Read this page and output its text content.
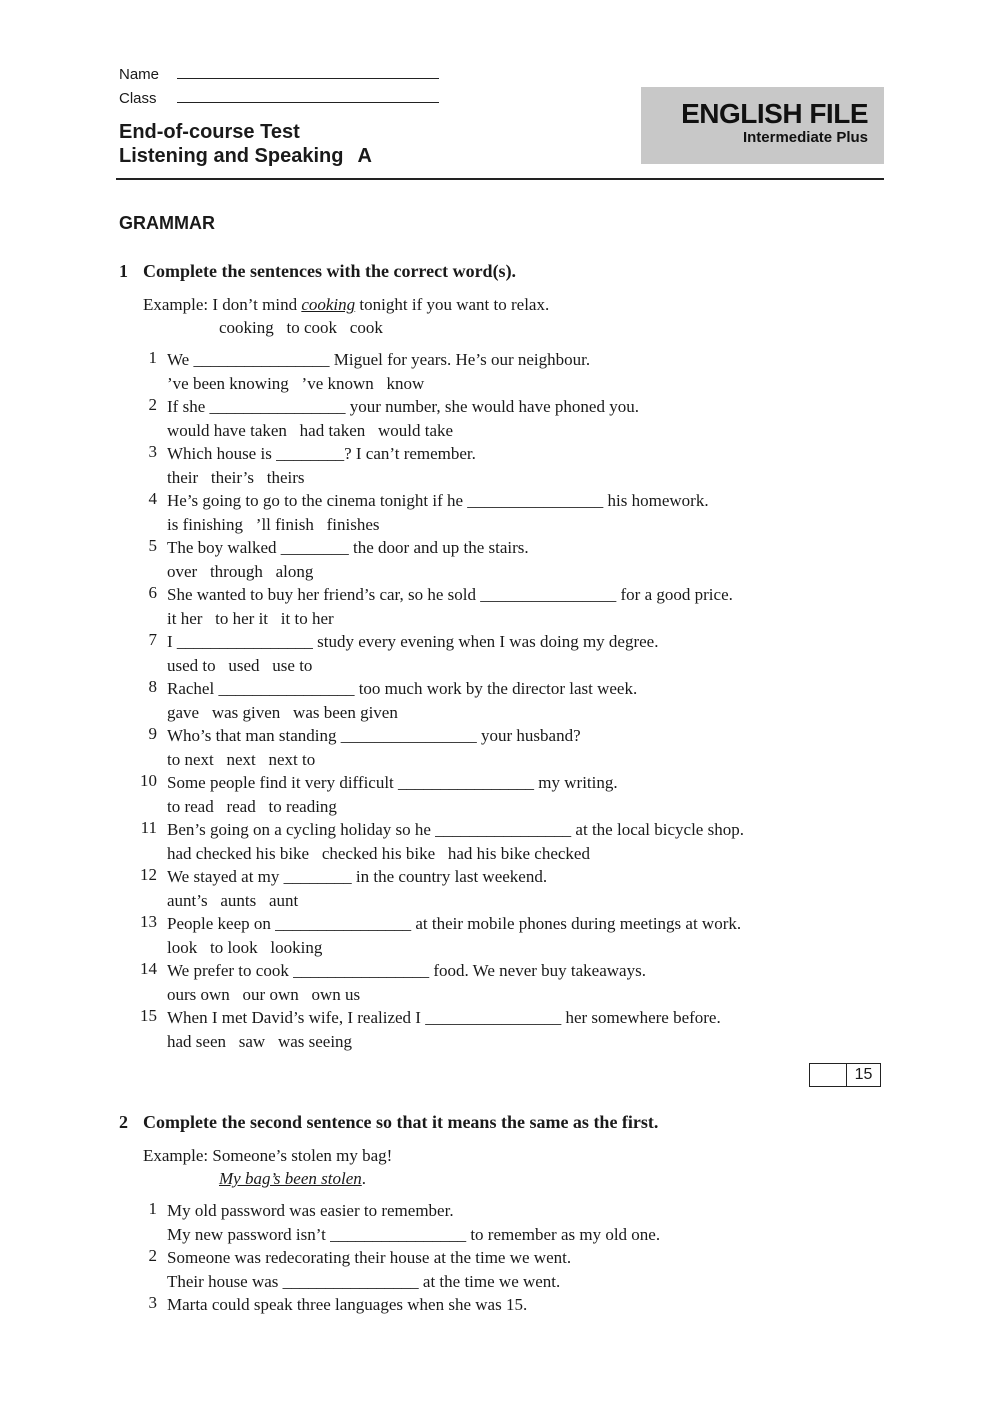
Name
Class
End-of-course Test
Listening and Speaking A
ENGLISH FILE
Intermediate Plus
GRAMMAR
1 Complete the sentences with the correct word(s).
Example: I don’t mind cooking tonight if you want to relax.
cooking   to cook   cook
1 We ________________ Miguel for years. He’s our neighbour.
’ve been knowing   ’ve known   know
2 If she ________________ your number, she would have phoned you.
would have taken   had taken   would take
3 Which house is ________? I can’t remember.
their   their’s   theirs
4 He’s going to go to the cinema tonight if he ________________ his homework.
is finishing   ’ll finish   finishes
5 The boy walked ________ the door and up the stairs.
over   through   along
6 She wanted to buy her friend’s car, so he sold ________________ for a good price.
it her   to her it   it to her
7 I ________________ study every evening when I was doing my degree.
used to   used   use to
8 Rachel ________________ too much work by the director last week.
gave   was given   was been given
9 Who’s that man standing ________________ your husband?
to next   next   next to
10 Some people find it very difficult ________________ my writing.
to read   read   to reading
11 Ben’s going on a cycling holiday so he ________________ at the local bicycle shop.
had checked his bike   checked his bike   had his bike checked
12 We stayed at my ________ in the country last weekend.
aunt’s   aunts   aunt
13 People keep on ________________ at their mobile phones during meetings at work.
look   to look   looking
14 We prefer to cook ________________ food. We never buy takeaways.
ours own   our own   own us
15 When I met David’s wife, I realized I ________________ her somewhere before.
had seen   saw   was seeing
15
2 Complete the second sentence so that it means the same as the first.
Example: Someone’s stolen my bag!
My bag’s been stolen.
1 My old password was easier to remember.
My new password isn’t ________________ to remember as my old one.
2 Someone was redecorating their house at the time we went.
Their house was ________________ at the time we went.
3 Marta could speak three languages when she was 15.
